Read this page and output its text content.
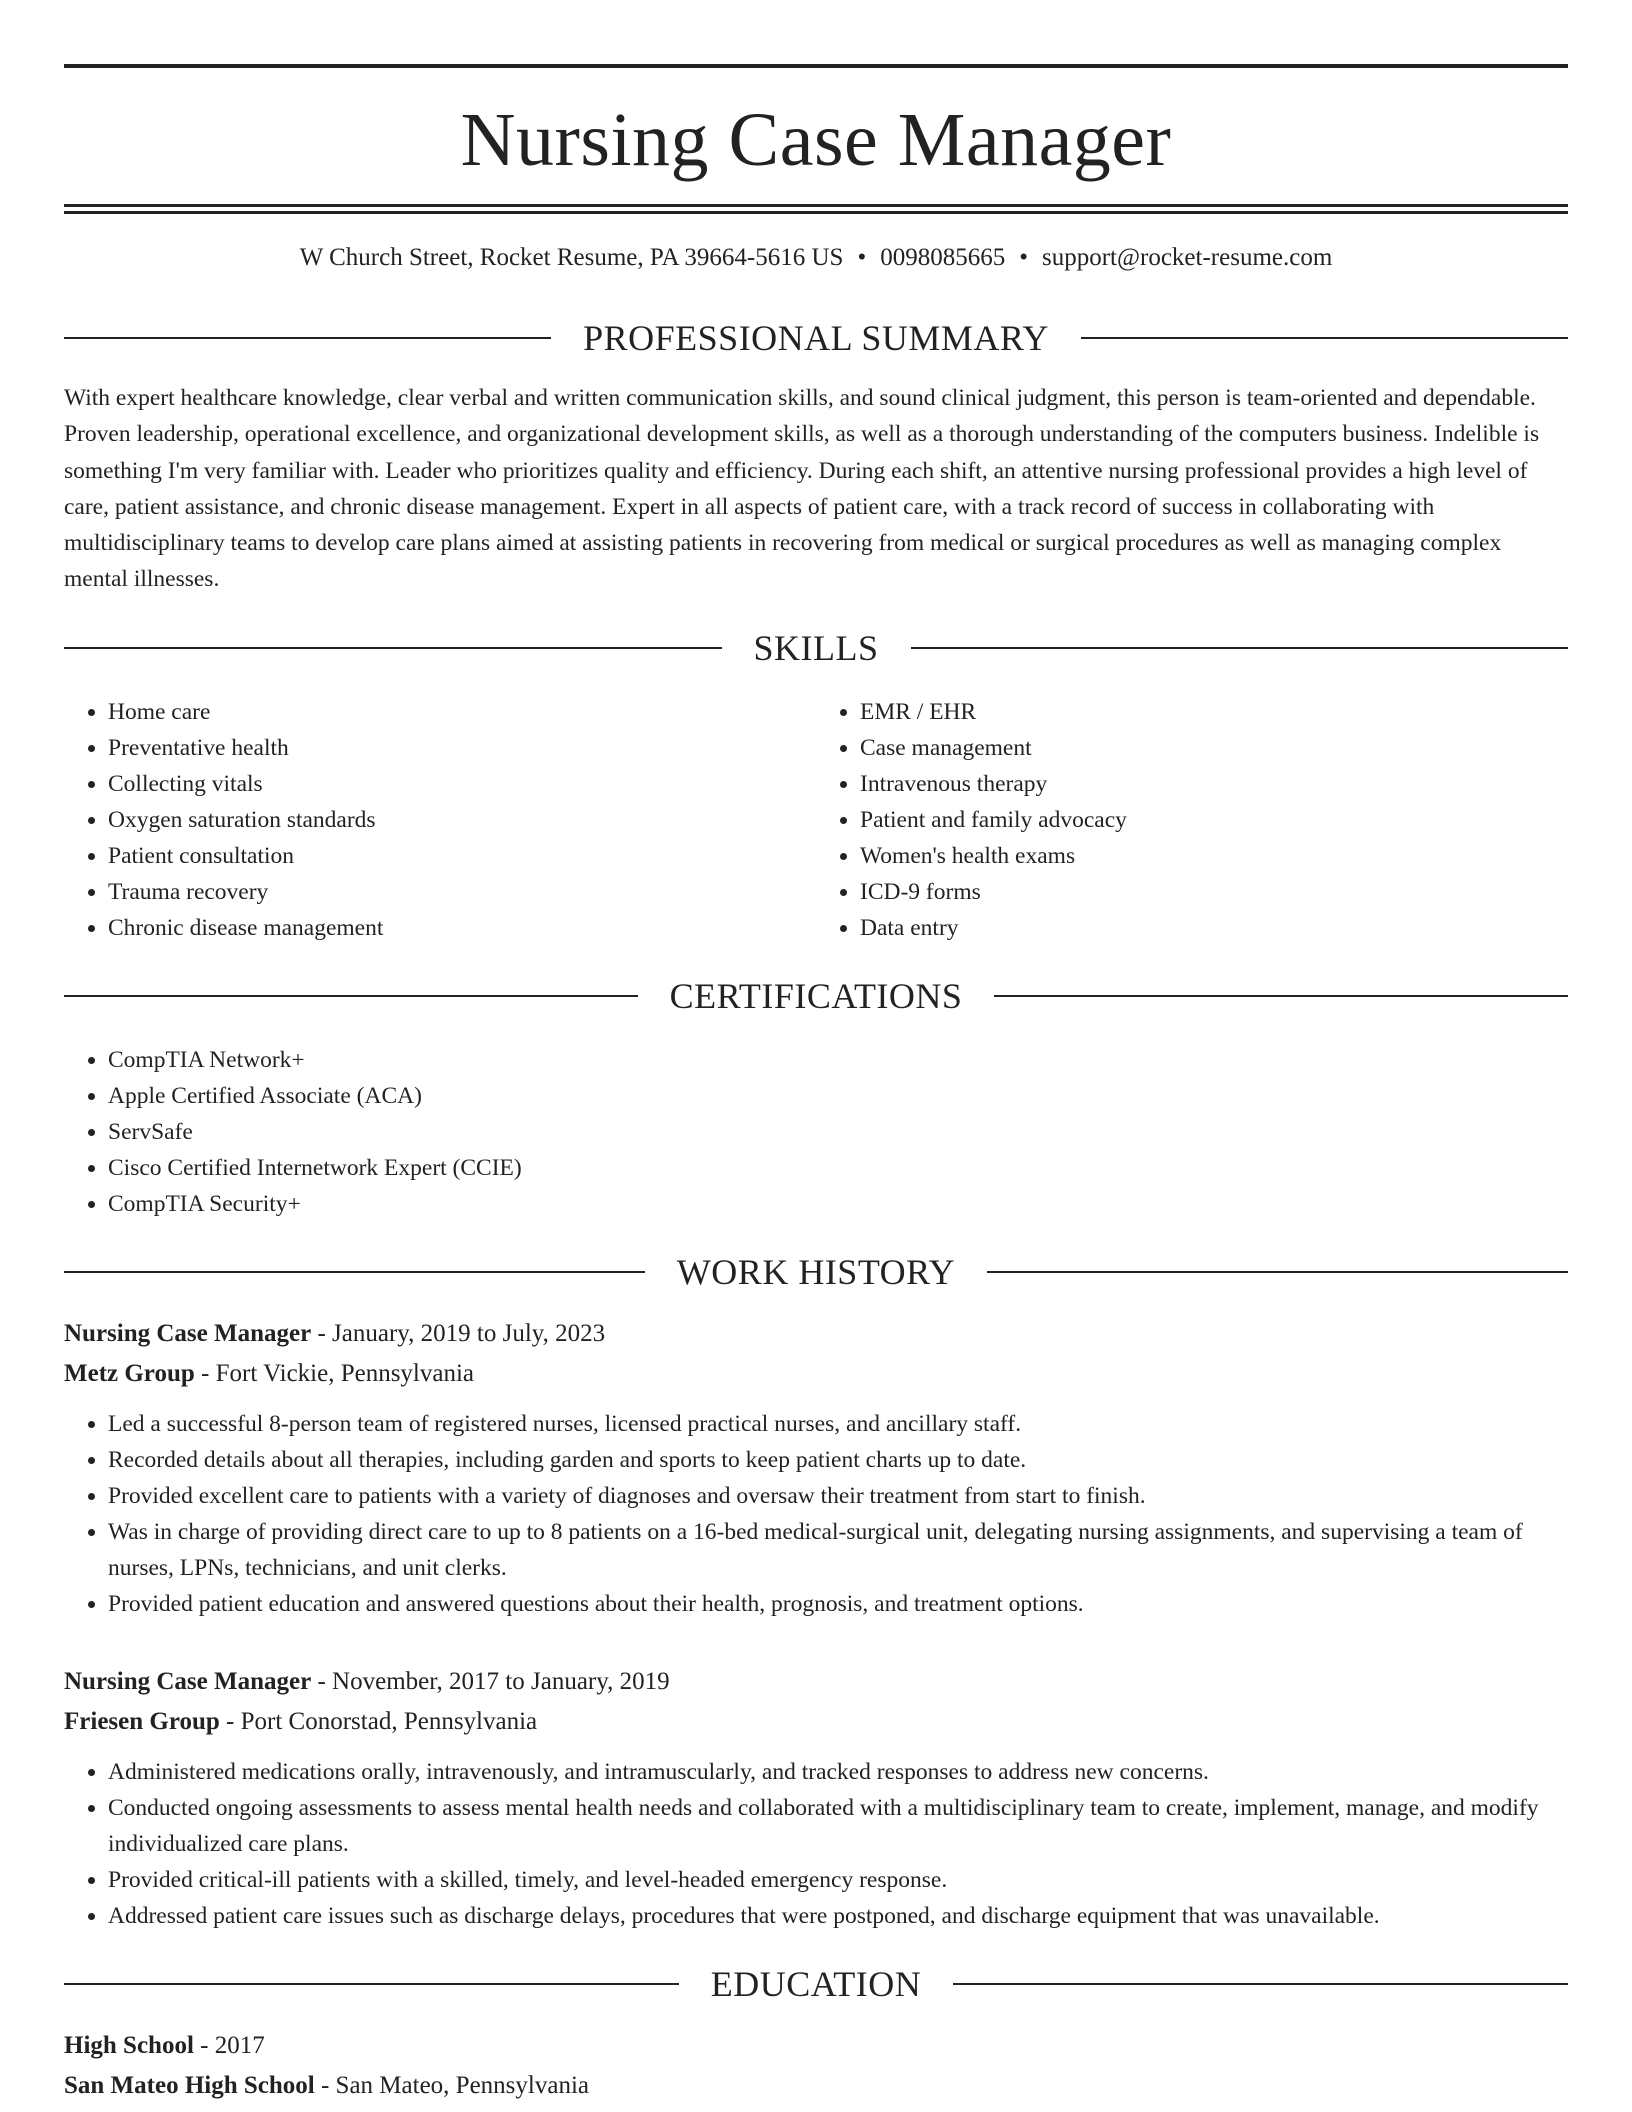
Nursing Case Manager
W Church Street, Rocket Resume, PA 39664-5616 US • 0098085665 • support@rocket-resume.com
PROFESSIONAL SUMMARY

With expert healthcare knowledge, clear verbal and written communication skills, and sound clinical judgment, this person is team-oriented and dependable. Proven leadership, operational excellence, and organizational development skills, as well as a thorough understanding of the computers business. Indelible is something I'm very familiar with. Leader who prioritizes quality and efficiency. During each shift, an attentive nursing professional provides a high level of care, patient assistance, and chronic disease management. Expert in all aspects of patient care, with a track record of success in collaborating with multidisciplinary teams to develop care plans aimed at assisting patients in recovering from medical or surgical procedures as well as managing complex mental illnesses.

SKILLS
• Home care
• Preventative health
• Collecting vitals
• Oxygen saturation standards
• Patient consultation
• Trauma recovery
• Chronic disease management
• EMR / EHR
• Case management
• Intravenous therapy
• Patient and family advocacy
• Women's health exams
• ICD-9 forms
• Data entry
CERTIFICATIONS
• CompTIA Network+
• Apple Certified Associate (ACA)
• ServSafe
• Cisco Certified Internetwork Expert (CCIE)
• CompTIA Security+
WORK HISTORY
Nursing Case Manager - January, 2019 to July, 2023
Metz Group - Fort Vickie, Pennsylvania
• Led a successful 8-person team of registered nurses, licensed practical nurses, and ancillary staff.
• Recorded details about all therapies, including garden and sports to keep patient charts up to date.
• Provided excellent care to patients with a variety of diagnoses and oversaw their treatment from start to finish.
• Was in charge of providing direct care to up to 8 patients on a 16-bed medical-surgical unit, delegating nursing assignments, and supervising a team of nurses, LPNs, technicians, and unit clerks.
• Provided patient education and answered questions about their health, prognosis, and treatment options.
Nursing Case Manager - November, 2017 to January, 2019
Friesen Group - Port Conorstad, Pennsylvania
• Administered medications orally, intravenously, and intramuscularly, and tracked responses to address new concerns.
• Conducted ongoing assessments to assess mental health needs and collaborated with a multidisciplinary team to create, implement, manage, and modify individualized care plans.
• Provided critical-ill patients with a skilled, timely, and level-headed emergency response.
• Addressed patient care issues such as discharge delays, procedures that were postponed, and discharge equipment that was unavailable.
EDUCATION
High School - 2017
San Mateo High School - San Mateo, Pennsylvania
